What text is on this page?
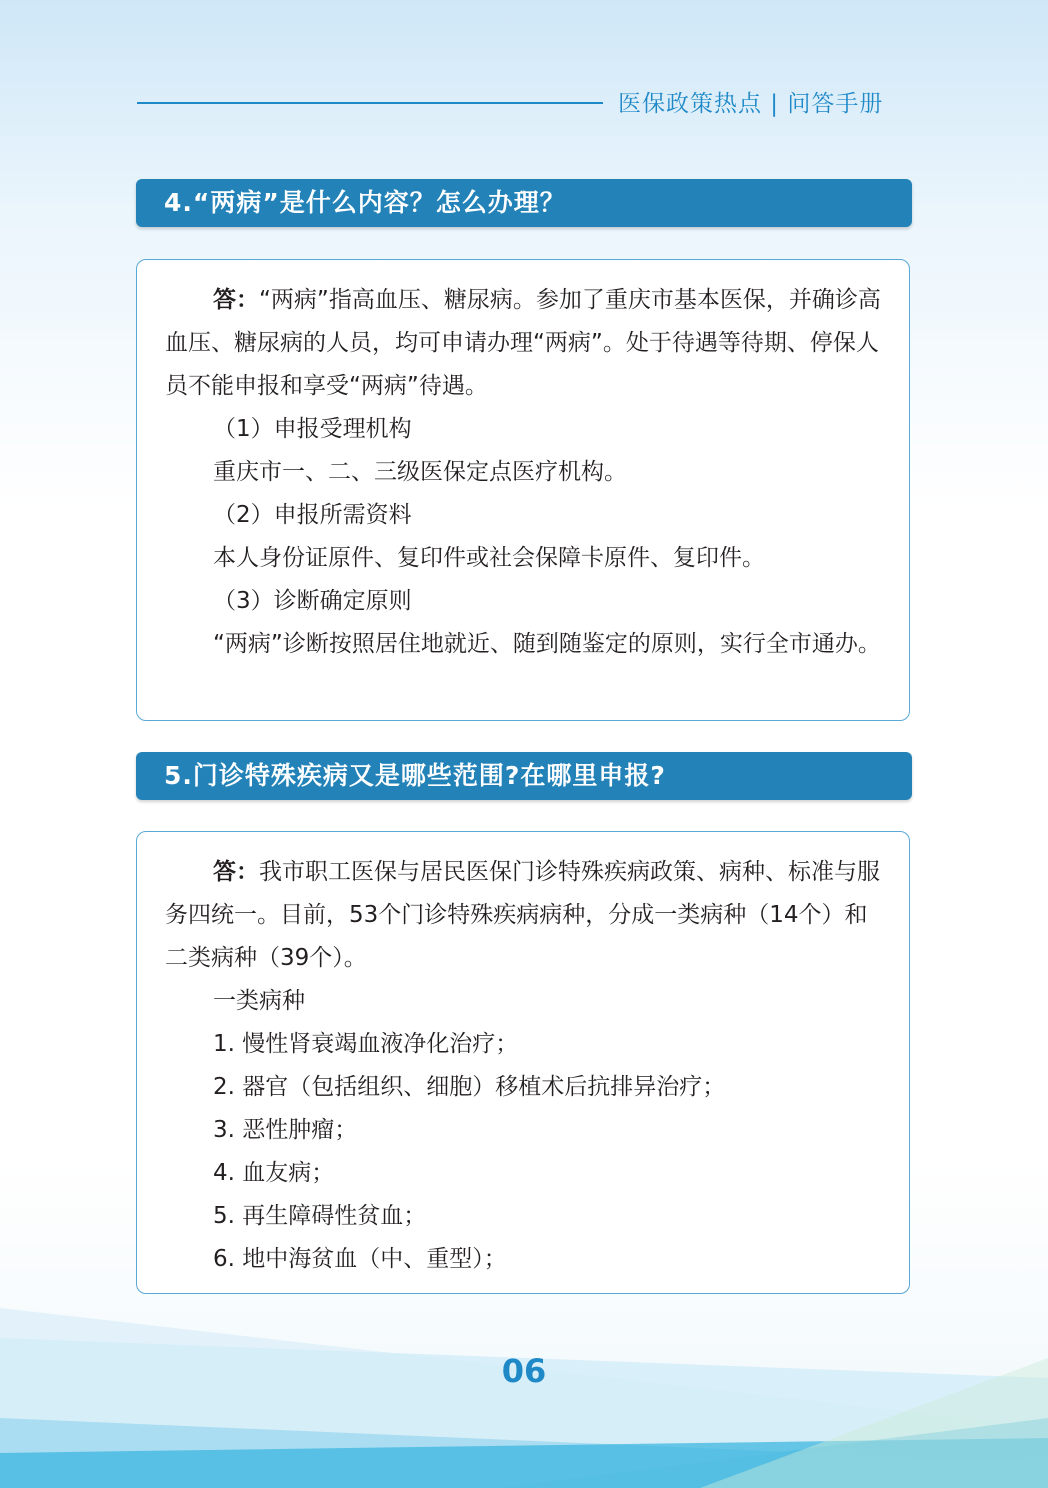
医保政策热点 | 问答手册
4.“两病”是什么内容？怎么办理？
答：“两病”指高血压、糖尿病。参加了重庆市基本医保，并确诊高血压、糖尿病的人员，均可申请办理“两病”。处于待遇等待期、停保人员不能申报和享受“两病”待遇。
（1）申报受理机构
重庆市一、二、三级医保定点医疗机构。
（2）申报所需资料
本人身份证原件、复印件或社会保障卡原件、复印件。
（3）诊断确定原则
“两病”诊断按照居住地就近、随到随鉴定的原则，实行全市通办。
5.门诊特殊疾病又是哪些范围?在哪里申报?
答：我市职工医保与居民医保门诊特殊疾病政策、病种、标准与服务四统一。目前，53个门诊特殊疾病病种，分成一类病种（14个）和二类病种（39个）。
一类病种
1. 慢性肾衰竭血液净化治疗；
2. 器官（包括组织、细胞）移植术后抗排异治疗；
3. 恶性肿瘤；
4. 血友病；
5. 再生障碍性贫血；
6. 地中海贫血（中、重型）；
06
